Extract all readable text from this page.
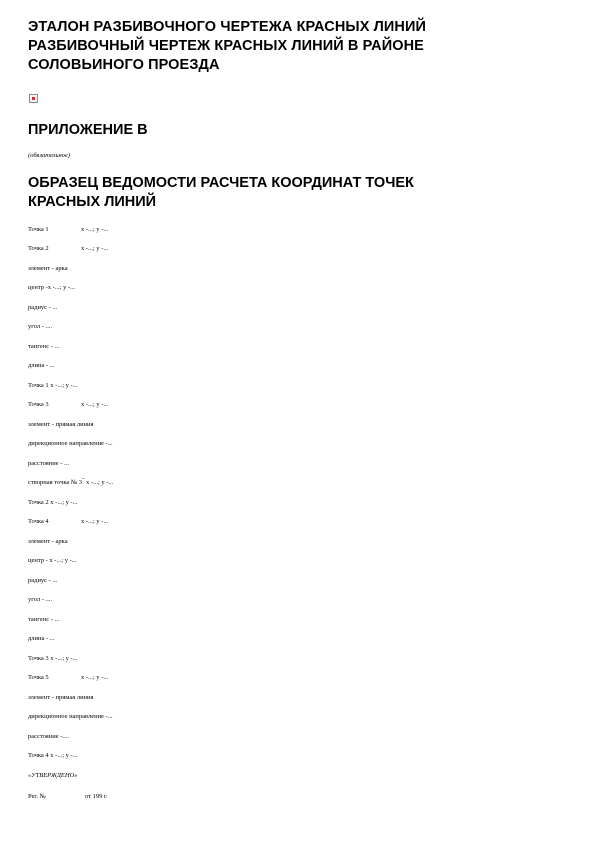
ЭТАЛОН РАЗБИВОЧНОГО ЧЕРТЕЖА КРАСНЫХ ЛИНИЙ
РАЗБИВОЧНЫЙ ЧЕРТЕЖ КРАСНЫХ ЛИНИЙ В РАЙОНЕ
СОЛОВЬИНОГО ПРОЕЗДА
ПРИЛОЖЕНИЕ В
(обязательное)
ОБРАЗЕЦ ВЕДОМОСТИ РАСЧЕТА КООРДИНАТ ТОЧЕК
КРАСНЫХ ЛИНИЙ
Точка 1	х -...; у -...
Точка 2	х -...; у -...
элемент - арка
центр -х -...; у -...
радиус - ...
угол - ....
тангенс - ...
длина - ...
Точка 1 х -...; у -...
Точка 3	х -...; у -...
элемент - прямая линия
дирекционное направление -...
расстояние - ...
створная точка № 3''' х -...; у -...
Точка 2 х -...; у -...
Точка 4	х -...; у -...
элемент - арка
центр - х -...; у -...
радиус - ...
угол - ....
тангенс - ...
длина - ...
Точка 3 х -...; у -...
Точка 5	х -...; у -...
элемент - прямая линия
дирекционное направление -...
расстояние -....
Точка 4 х -...; у -...
«УТВЕРЖДЕНО»
Рег. №	от 199 г.
